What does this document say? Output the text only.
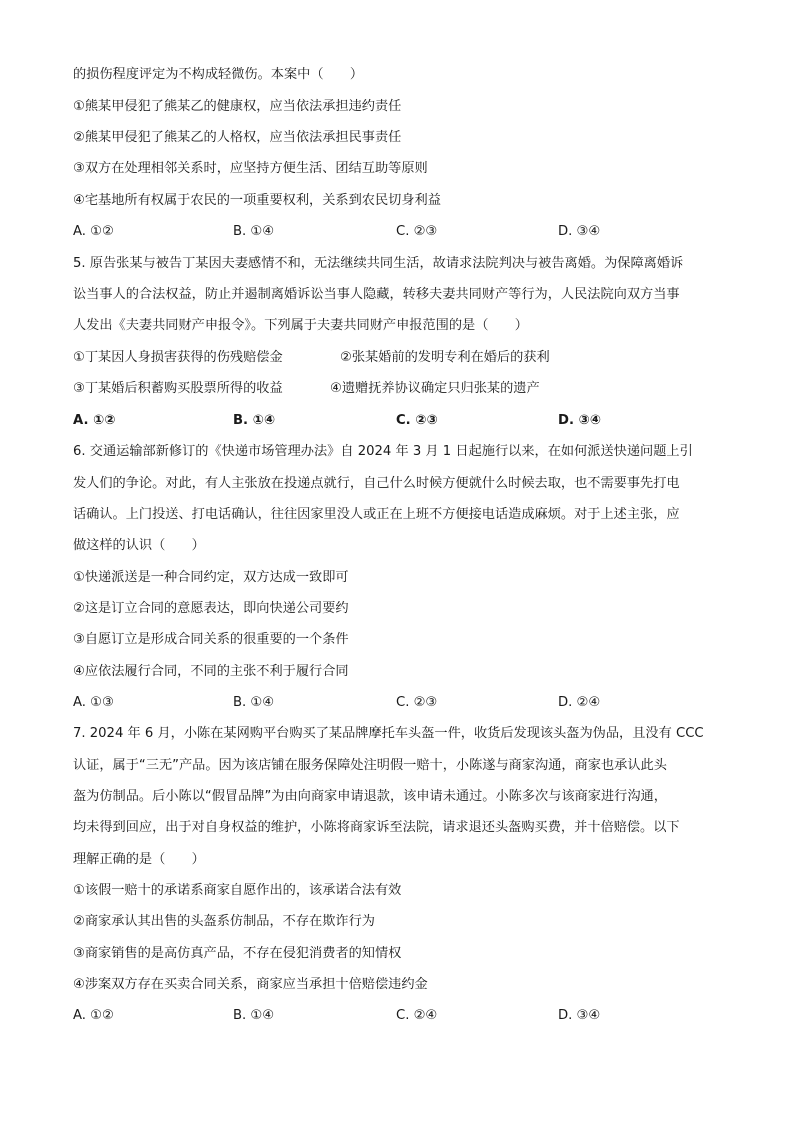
的损伤程度评定为不构成轻微伤。本案中（　　）
①熊某甲侵犯了熊某乙的健康权，应当依法承担违约责任
②熊某甲侵犯了熊某乙的人格权，应当依法承担民事责任
③双方在处理相邻关系时，应坚持方便生活、团结互助等原则
④宅基地所有权属于农民的一项重要权利，关系到农民切身利益
A. ①②	B. ①④	C. ②③	D. ③④
5. 原告张某与被告丁某因夫妻感情不和，无法继续共同生活，故请求法院判决与被告离婚。为保障离婚诉
讼当事人的合法权益，防止并遏制离婚诉讼当事人隐藏，转移夫妻共同财产等行为，人民法院向双方当事
人发出《夫妻共同财产申报令》。下列属于夫妻共同财产申报范围的是（　　）
①丁某因人身损害获得的伤残赔偿金	②张某婚前的发明专利在婚后的获利
③丁某婚后积蓄购买股票所得的收益	④遗赠抚养协议确定只归张某的遗产
A. ①②	B. ①④	C. ②③	D. ③④
6. 交通运输部新修订的《快递市场管理办法》自 2024 年 3 月 1 日起施行以来，在如何派送快递问题上引
发人们的争论。对此，有人主张放在投递点就行，自己什么时候方便就什么时候去取，也不需要事先打电
话确认。上门投送、打电话确认，往往因家里没人或正在上班不方便接电话造成麻烦。对于上述主张，应
做这样的认识（　　）
①快递派送是一种合同约定，双方达成一致即可
②这是订立合同的意愿表达，即向快递公司要约
③自愿订立是形成合同关系的很重要的一个条件
④应依法履行合同，不同的主张不利于履行合同
A. ①③	B. ①④	C. ②③	D. ②④
7. 2024 年 6 月，小陈在某网购平台购买了某品牌摩托车头盔一件，收货后发现该头盔为伪品，且没有 CCC
认证，属于“三无”产品。因为该店铺在服务保障处注明假一赔十，小陈遂与商家沟通，商家也承认此头
盔为仿制品。后小陈以“假冒品牌”为由向商家申请退款，该申请未通过。小陈多次与该商家进行沟通，
均未得到回应，出于对自身权益的维护，小陈将商家诉至法院，请求退还头盔购买费，并十倍赔偿。以下
理解正确的是（　　）
①该假一赔十的承诺系商家自愿作出的，该承诺合法有效
②商家承认其出售的头盔系仿制品，不存在欺诈行为
③商家销售的是高仿真产品，不存在侵犯消费者的知情权
④涉案双方存在买卖合同关系，商家应当承担十倍赔偿违约金
A. ①②	B. ①④	C. ②④	D. ③④
